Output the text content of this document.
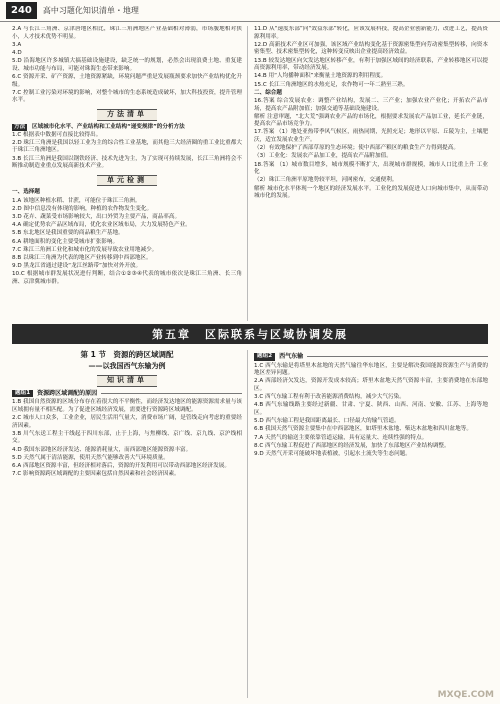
240	高中习题化知识清单・地理

2.A 与长江三角洲、京津唐地区相比，珠江三角洲地区产业基础相对薄弱，市场腹地相对狭小，人才技术优势不明显。

3.A

4.D

5.D 沿海地区许多城镇大搞基础设施建设，缺乏统一的规划，必然会出现浪费土地、重复建设、城市功能与布局，可能对珠海生态带来影响。

6.C 资源开采、矿产资源，土地资源紧缺，环境问题严重是发展瓶颈要求加快产业结构优化升级。

7.C 控制工业污染对环境的影响，对整个城市的生态系统造成破坏，加大科技投资，提升管理水平。

方法清单

方法 区域城市化水平、产业结构和工业结构“递变规律”的分析方法

1.C 根据表中数据可直接比较得出。

2.D 珠江三角洲是我国以轻工业为主的综合性工业基地，而其他三大经济圈的重工业比重都大于珠江三角洲地区。

3.B 长江三角洲是我国以钢铁经济、技术先进为主，为了实现可持续发展，长江三角洲将会不断推动制造业重点发展高新技术产业。

单元检测

一、选择题

1.A 该地区种植水稻、甘蔗，可能位于珠江三角洲。

2.D 图中信息没有体现的影响，种植的农作物发生变化。

3.D 花卉、蔬菜受市场影响较大，出口外贸为主要产品，商品率高。

4.A 确定优势农产品区域布局，优化农业区域布局，大力发展特色产业。

5.B 东北地区是我国重要的商品粮生产基地。

6.A 耕地面积的变化主要受城市扩张影响。

7.C 珠江三角洲工业化和城市化的发展导致农业用地减少。

8.B 以珠江三角洲为代表的地区产业转移到中西部地区。

9.D 黑龙江省通过建设“龙江丝路带”加快对外开放。

10.C 根据城市群发展状况进行判断，结合①②③④代表的城市依次是珠江三角洲、长三角洲、京津冀城市群。

11.D 从“速度东部”向“效益东部”转化，应该发展科技，提高企业创新能力，改进工艺，提高资源利用率。

12.D 高新技术产业区可加强，该区域产业结构变化基于资源密集型向劳动密集型转移，向资本密集型、技术密集型转化，这种转变反映出企业提高经济效益。

13.B 较发达地区向欠发达地区转移产业，有利于加强区域间的经济联系，产业转移地区可以提高资源利用率，带动经济发展。

14.B 用“人均播种面积”来衡量土地资源的利用程度。

15.C 长江三角洲地区的水热充足，农作物可一年二熟至三熟。

二、综合题

16.答案 综合发展农业：调整产业结构，发展二、三产业；加强农业产业化；开拓农产品市场，提高农产品附加值；加强交通等基础设施建设。

解析 注意审题，“北大荒”强调农业产品的市场化，根据要求发展农产品加工业，延长产业链，提高农产品市场竞争力。

17.答案 （1）地处亚热带季风气候区，雨热同期，光照充足；地形以平原、丘陵为主，土壤肥沃，适宜发展农业生产。

（2）有效地保护了西部草原的生态环境；使中西部产粮区的粮食生产力得到提高。

（3）工业化：发展农产品加工业，提高农产品附加值。

18.答案 （1）城市数目增多，城市规模不断扩大，出现城市群规模，城市人口比重上升 工业化

（2）珠江三角洲平原地势较平坦，河网密布，交通便利。

解析 城市化水平体现一个地区的经济发展水平。工业化的发展促进人口向城市集中，从而带动城市化的发展。

第五章 区际联系与区域协调发展
第 1 节　资源的跨区域调配
——以我国西气东输为例
知识清单
题组1	资源跨区域调配的原因

1.B 我国自然资源的区域分布存在着很大的不平衡性，而经济发达地区的能源资源需求量与该区域拥有量不相匹配。为了促进区域经济发展，需要进行资源跨区域调配。

2.C 城市人口众多，工业企业，居民生活用气量大，消费市场广阔，是管线走向考虑的重要经济因素。

3.B 川气东送工程主干线起于四川东部，止于上海，与焦柳线、京广线、京九线、京沪线相交。

4.D 我国东部地区经济发达、能源消耗量大，而西部地区能源资源丰富。

5.D 天然气属于清洁能源，使用天然气能够改善大气环境质量。

6.A 西部地区资源丰富，但经济相对落后，资源的开发利用可以带动西部地区经济发展。

7.C 影响资源跨区域调配的主要因素包括自然因素和社会经济因素。

题组2	西气东输

1.C 西气东输是将塔里木盆地的天然气输往华东地区，主要是解决我国能源资源生产与消费的地区差异问题。

2.A 西部经济欠发达，资源开发成本较高；塔里木盆地天然气资源丰富，主要消费地在东部地区。

3.C 西气东输工程有利于改善能源消费结构，减少大气污染。

4.B 西气东输线路主要经过新疆、甘肃、宁夏、陕西、山西、河南、安徽、江苏、上海等地区。

5.D 西气东输工程是我国距离最长、口径最大的输气管道。

6.B 我国天然气资源主要集中在中西部地区，如塔里木盆地、柴达木盆地和四川盆地等。

7.A 天然气的输送主要依靠管道运输，具有运量大、连续性强的特点。

8.C 西气东输工程促进了西部地区的经济发展，加快了东部地区产业结构调整。

9.D 天然气开采可能破坏地表植被，引起水土流失等生态问题。

MXQE.COM
